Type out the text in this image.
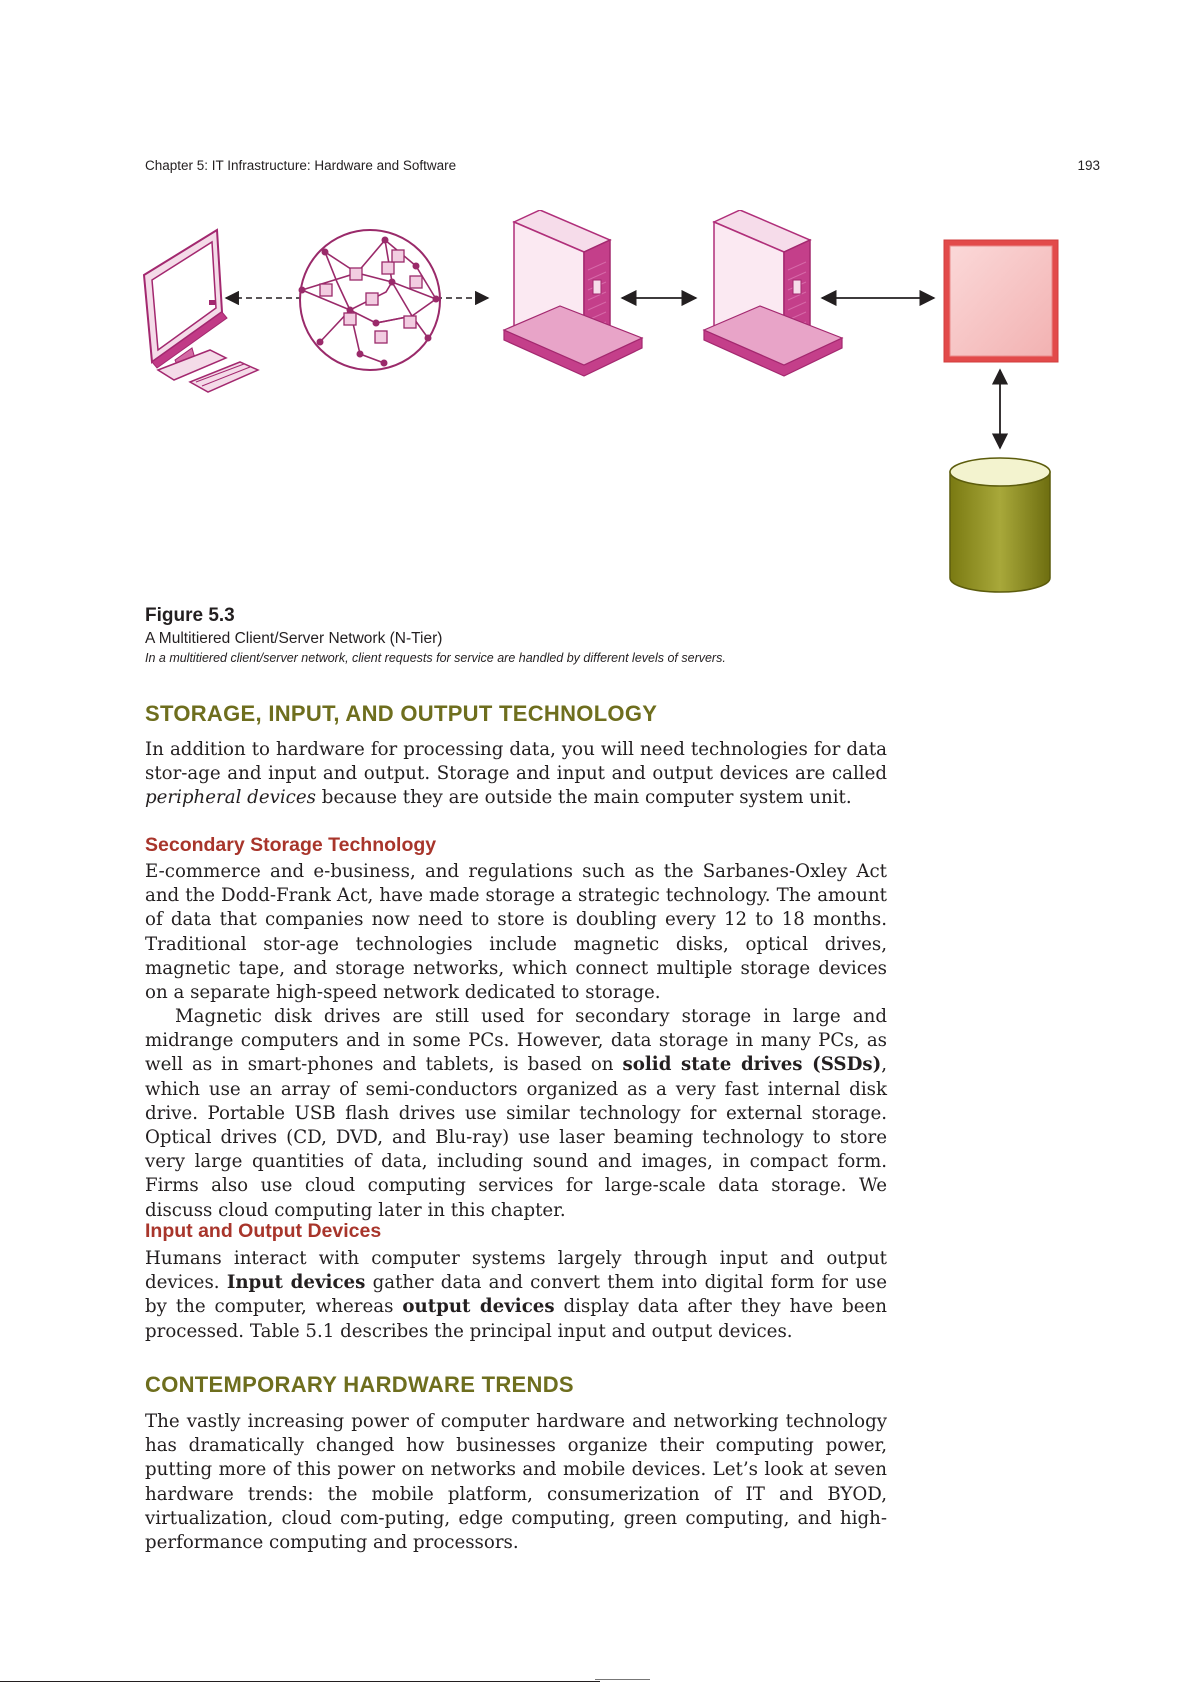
Chapter 5: IT Infrastructure: Hardware and Software	193
Figure 5.3
A Multitiered Client/Server Network (N-Tier)
In a multitiered client/server network, client requests for service are handled by different levels of servers.
STORAGE, INPUT, AND OUTPUT TECHNOLOGY

In addition to hardware for processing data, you will need technologies for data stor-age and input and output. Storage and input and output devices are called peripheral devices because they are outside the main computer system unit.

Secondary Storage Technology

E-commerce and e-business, and regulations such as the Sarbanes-Oxley Act and the Dodd-Frank Act, have made storage a strategic technology. The amount of data that companies now need to store is doubling every 12 to 18 months. Traditional stor-age technologies include magnetic disks, optical drives, magnetic tape, and storage networks, which connect multiple storage devices on a separate high-speed network dedicated to storage.

Magnetic disk drives are still used for secondary storage in large and midrange computers and in some PCs. However, data storage in many PCs, as well as in smart-phones and tablets, is based on solid state drives (SSDs), which use an array of semi-conductors organized as a very fast internal disk drive. Portable USB flash drives use similar technology for external storage. Optical drives (CD, DVD, and Blu-ray) use laser beaming technology to store very large quantities of data, including sound and images, in compact form. Firms also use cloud computing services for large-scale data storage. We discuss cloud computing later in this chapter.

Input and Output Devices

Humans interact with computer systems largely through input and output devices. Input devices gather data and convert them into digital form for use by the computer, whereas output devices display data after they have been processed. Table 5.1 describes the principal input and output devices.

CONTEMPORARY HARDWARE TRENDS

The vastly increasing power of computer hardware and networking technology has dramatically changed how businesses organize their computing power, putting more of this power on networks and mobile devices. Let’s look at seven hardware trends: the mobile platform, consumerization of IT and BYOD, virtualization, cloud com-puting, edge computing, green computing, and high-performance computing and processors.
